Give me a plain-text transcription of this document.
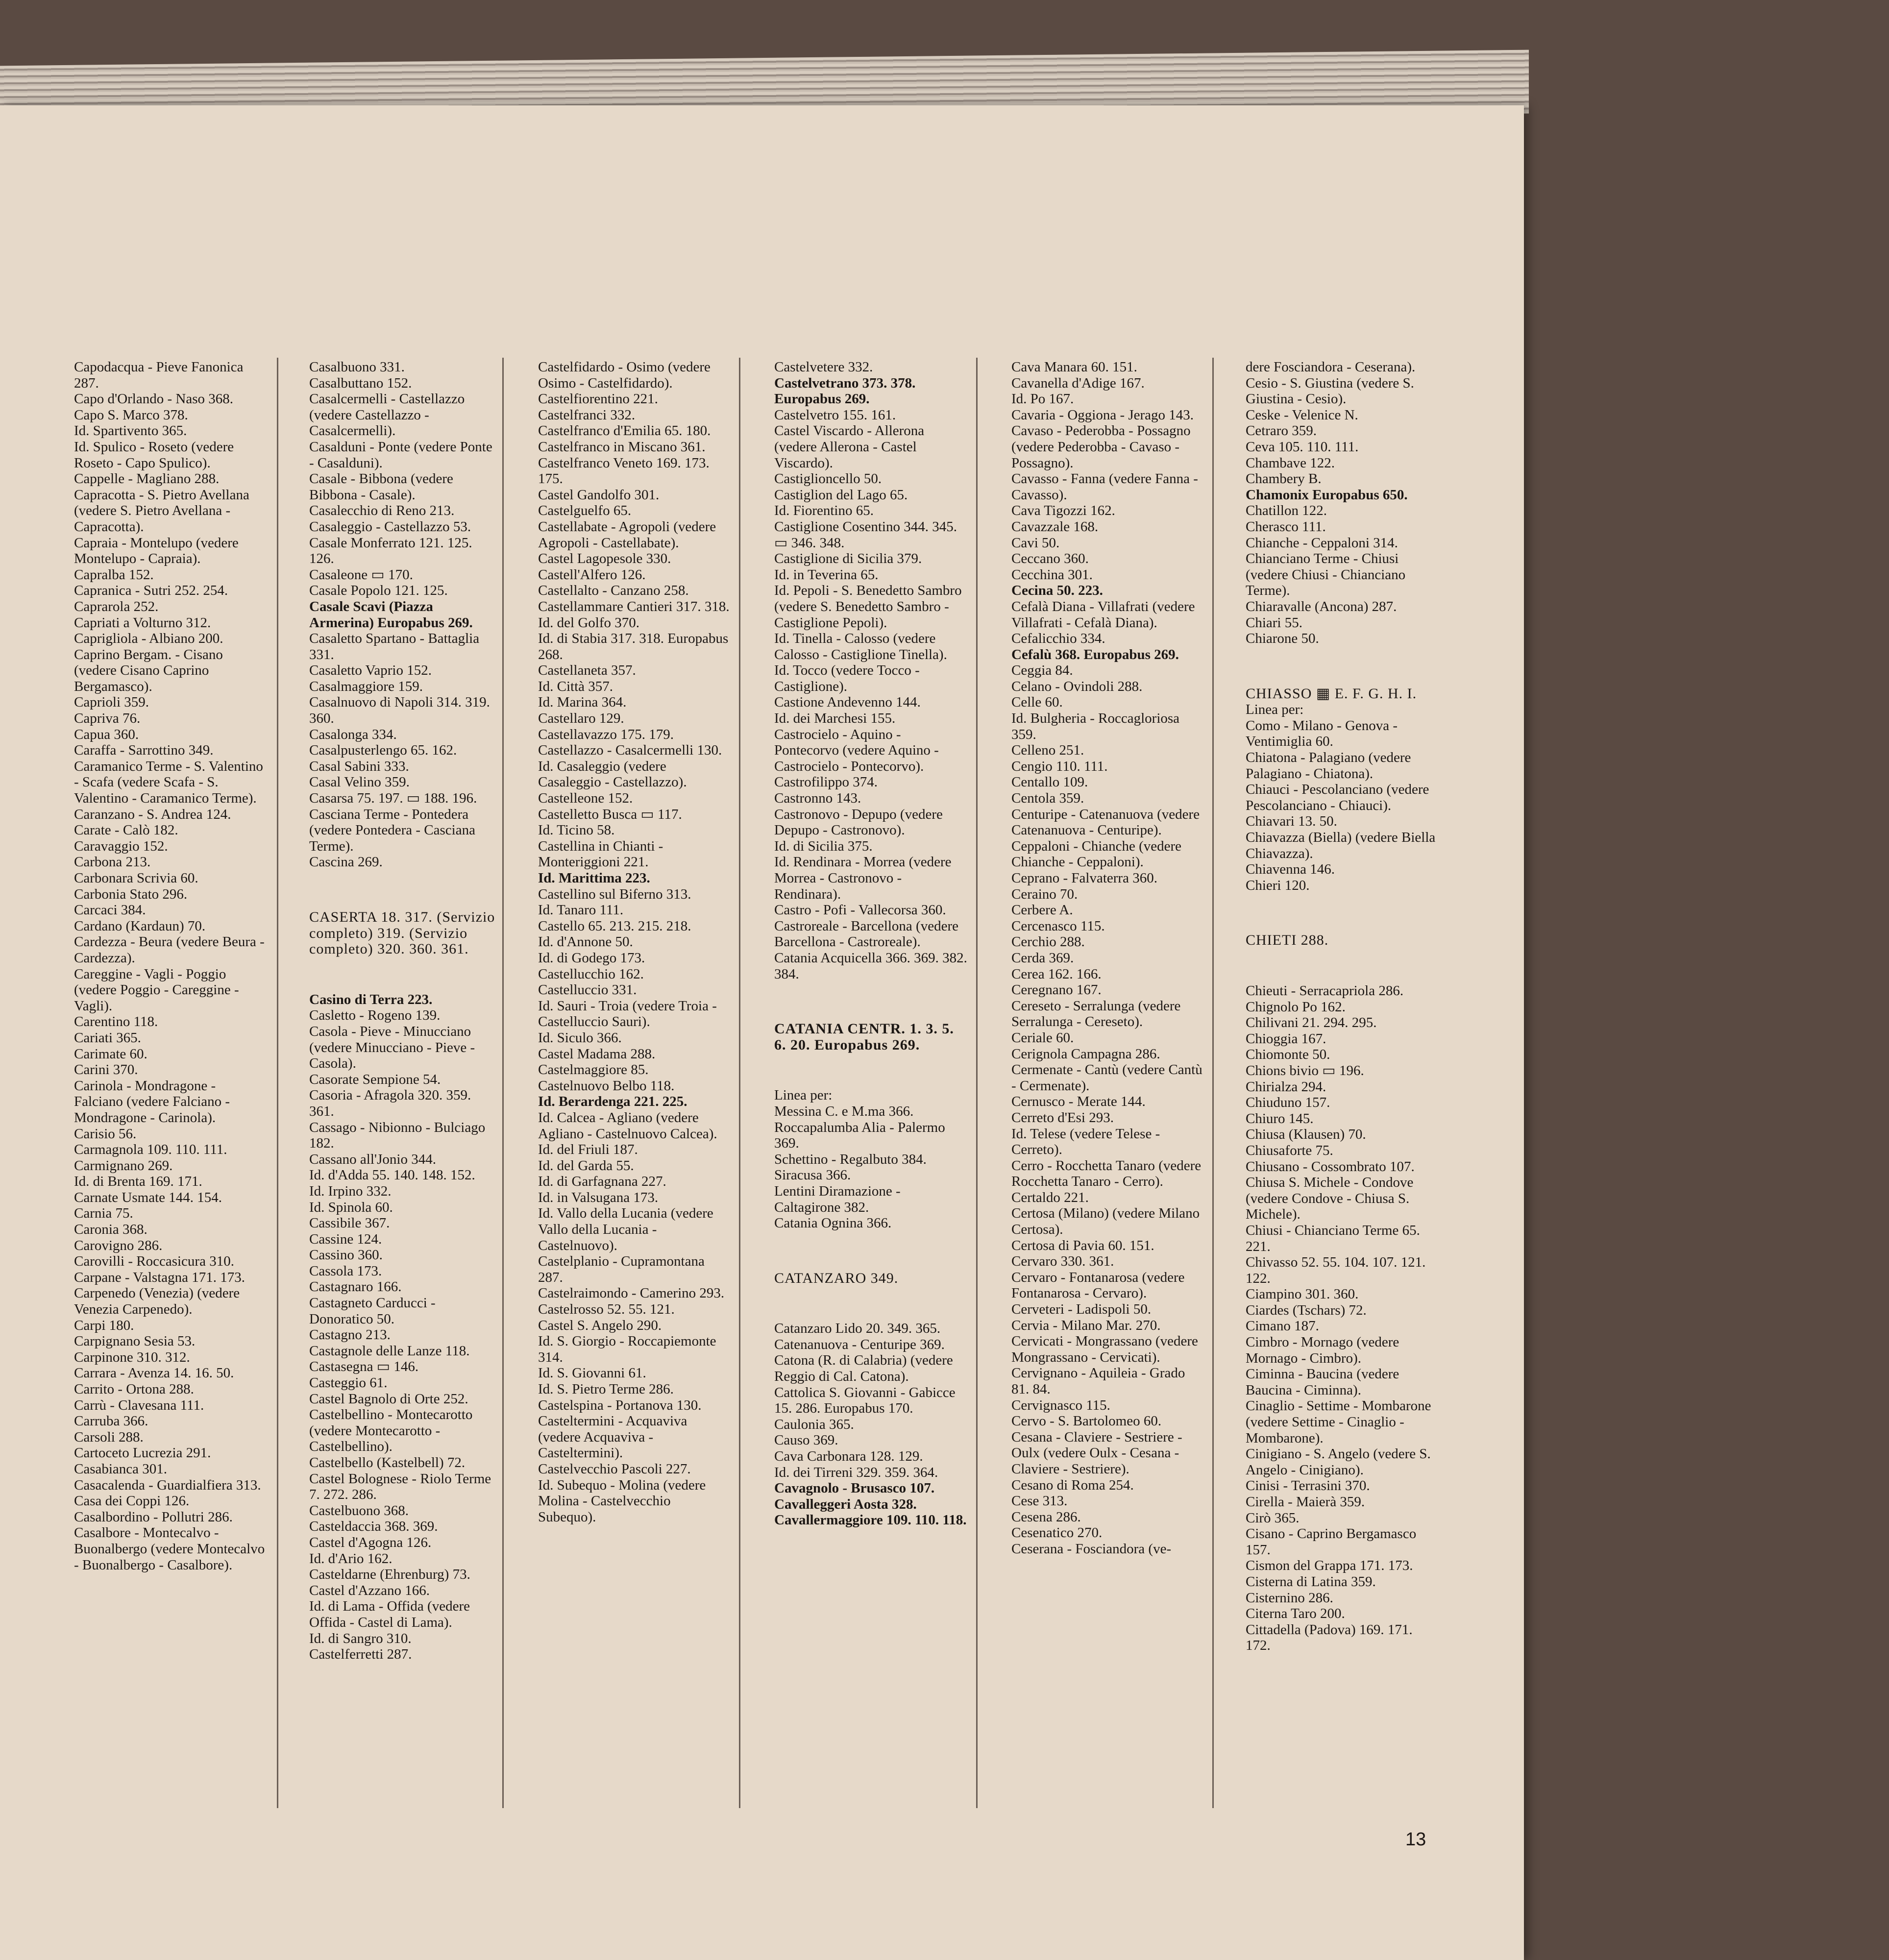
Capodacqua - Pieve Fanonica 287.
Capo d'Orlando - Naso 368.
Capo S. Marco 378.
Id. Spartivento 365.
Id. Spulico - Roseto (vedere Roseto - Capo Spulico).
Cappelle - Magliano 288.
Capracotta - S. Pietro Avellana (vedere S. Pietro Avellana - Capracotta).
Capraia - Montelupo (vedere Montelupo - Capraia).
Capralba 152.
Capranica - Sutri 252. 254.
Caprarola 252.
Capriati a Volturno 312.
Caprigliola - Albiano 200.
Caprino Bergam. - Cisano (vedere Cisano Caprino Bergamasco).
Caprioli 359.
Capriva 76.
Capua 360.
Caraffa - Sarrottino 349.
Caramanico Terme - S. Valentino - Scafa (vedere Scafa - S. Valentino - Caramanico Terme).
Caranzano - S. Andrea 124.
Carate - Calò 182.
Caravaggio 152.
Carbona 213.
Carbonara Scrivia 60.
Carbonia Stato 296.
Carcaci 384.
Cardano (Kardaun) 70.
Cardezza - Beura (vedere Beura - Cardezza).
Careggine - Vagli - Poggio (vedere Poggio - Careggine - Vagli).
Carentino 118.
Cariati 365.
Carimate 60.
Carini 370.
Carinola - Mondragone - Falciano (vedere Falciano - Mondragone - Carinola).
Carisio 56.
Carmagnola 109. 110. 111.
Carmignano 269.
Id. di Brenta 169. 171.
Carnate Usmate 144. 154.
Carnia 75.
Caronia 368.
Carovigno 286.
Carovilli - Roccasicura 310.
Carpane - Valstagna 171. 173.
Carpenedo (Venezia) (vedere Venezia Carpenedo).
Carpi 180.
Carpignano Sesia 53.
Carpinone 310. 312.
Carrara - Avenza 14. 16. 50.
Carrito - Ortona 288.
Carrù - Clavesana 111.
Carruba 366.
Carsoli 288.
Cartoceto Lucrezia 291.
Casabianca 301.
Casacalenda - Guardialfiera 313.
Casa dei Coppi 126.
Casalbordino - Pollutri 286.
Casalbore - Montecalvo - Buonalbergo (vedere Montecalvo - Buonalbergo - Casalbore).
Casalbuono 331.
Casalbuttano 152.
Casalcermelli - Castellazzo (vedere Castellazzo - Casalcermelli).
Casalduni - Ponte (vedere Ponte - Casalduni).
Casale - Bibbona (vedere Bibbona - Casale).
Casalecchio di Reno 213.
Casaleggio - Castellazzo 53.
Casale Monferrato 121. 125. 126.
Casaleone ▭ 170.
Casale Popolo 121. 125.
Casale Scavi (Piazza Armerina) Europabus 269.
Casaletto Spartano - Battaglia 331.
Casaletto Vaprio 152.
Casalmaggiore 159.
Casalnuovo di Napoli 314. 319. 360.
Casalonga 334.
Casalpusterlengo 65. 162.
Casal Sabini 333.
Casal Velino 359.
Casarsa 75. 197. ▭ 188. 196.
Casciana Terme - Pontedera (vedere Pontedera - Casciana Terme).
Cascina 269.
CASERTA 18. 317. (Servizio completo) 319. (Servizio completo) 320. 360. 361.
Casino di Terra 223.
Casletto - Rogeno 139.
Casola - Pieve - Minucciano (vedere Minucciano - Pieve - Casola).
Casorate Sempione 54.
Casoria - Afragola 320. 359. 361.
Cassago - Nibionno - Bulciago 182.
Cassano all'Jonio 344.
Id. d'Adda 55. 140. 148. 152.
Id. Irpino 332.
Id. Spinola 60.
Cassibile 367.
Cassine 124.
Cassino 360.
Cassola 173.
Castagnaro 166.
Castagneto Carducci - Donoratico 50.
Castagno 213.
Castagnole delle Lanze 118.
Castasegna ▭ 146.
Casteggio 61.
Castel Bagnolo di Orte 252.
Castelbellino - Montecarotto (vedere Montecarotto - Castelbellino).
Castelbello (Kastelbell) 72.
Castel Bolognese - Riolo Terme 7. 272. 286.
Castelbuono 368.
Casteldaccia 368. 369.
Castel d'Agogna 126.
Id. d'Ario 162.
Casteldarne (Ehrenburg) 73.
Castel d'Azzano 166.
Id. di Lama - Offida (vedere Offida - Castel di Lama).
Id. di Sangro 310.
Castelferretti 287.
Castelfidardo - Osimo (vedere Osimo - Castelfidardo).
Castelfiorentino 221.
Castelfranci 332.
Castelfranco d'Emilia 65. 180.
Castelfranco in Miscano 361.
Castelfranco Veneto 169. 173. 175.
Castel Gandolfo 301.
Castelguelfo 65.
Castellabate - Agropoli (vedere Agropoli - Castellabate).
Castel Lagopesole 330.
Castell'Alfero 126.
Castellalto - Canzano 258.
Castellammare Cantieri 317. 318.
Id. del Golfo 370.
Id. di Stabia 317. 318. Europabus 268.
Castellaneta 357.
Id. Città 357.
Id. Marina 364.
Castellaro 129.
Castellavazzo 175. 179.
Castellazzo - Casalcermelli 130.
Id. Casaleggio (vedere Casaleggio - Castellazzo).
Castelleone 152.
Castelletto Busca ▭ 117.
Id. Ticino 58.
Castellina in Chianti - Monteriggioni 221.
Id. Marittima 223.
Castellino sul Biferno 313.
Id. Tanaro 111.
Castello 65. 213. 215. 218.
Id. d'Annone 50.
Id. di Godego 173.
Castellucchio 162.
Castelluccio 331.
Id. Sauri - Troia (vedere Troia - Castelluccio Sauri).
Id. Siculo 366.
Castel Madama 288.
Castelmaggiore 85.
Castelnuovo Belbo 118.
Id. Berardenga 221. 225.
Id. Calcea - Agliano (vedere Agliano - Castelnuovo Calcea).
Id. del Friuli 187.
Id. del Garda 55.
Id. di Garfagnana 227.
Id. in Valsugana 173.
Id. Vallo della Lucania (vedere Vallo della Lucania - Castelnuovo).
Castelplanio - Cupramontana 287.
Castelraimondo - Camerino 293.
Castelrosso 52. 55. 121.
Castel S. Angelo 290.
Id. S. Giorgio - Roccapiemonte 314.
Id. S. Giovanni 61.
Id. S. Pietro Terme 286.
Castelspina - Portanova 130.
Casteltermini - Acquaviva (vedere Acquaviva - Casteltermini).
Castelvecchio Pascoli 227.
Id. Subequo - Molina (vedere Molina - Castelvecchio Subequo).
Castelvetere 332.
Castelvetrano 373. 378. Europabus 269.
Castelvetro 155. 161.
Castel Viscardo - Allerona (vedere Allerona - Castel Viscardo).
Castiglioncello 50.
Castiglion del Lago 65.
Id. Fiorentino 65.
Castiglione Cosentino 344. 345. ▭ 346. 348.
Castiglione di Sicilia 379.
Id. in Teverina 65.
Id. Pepoli - S. Benedetto Sambro (vedere S. Benedetto Sambro - Castiglione Pepoli).
Id. Tinella - Calosso (vedere Calosso - Castiglione Tinella).
Id. Tocco (vedere Tocco - Castiglione).
Castione Andevenno 144.
Id. dei Marchesi 155.
Castrocielo - Aquino - Pontecorvo (vedere Aquino - Castrocielo - Pontecorvo).
Castrofilippo 374.
Castronno 143.
Castronovo - Depupo (vedere Depupo - Castronovo).
Id. di Sicilia 375.
Id. Rendinara - Morrea (vedere Morrea - Castronovo - Rendinara).
Castro - Pofi - Vallecorsa 360.
Castroreale - Barcellona (vedere Barcellona - Castroreale).
Catania Acquicella 366. 369. 382. 384.
CATANIA CENTR. 1. 3. 5. 6. 20. Europabus 269.
Linea per:
Messina C. e M.ma 366.
Roccapalumba Alia - Palermo 369.
Schettino - Regalbuto 384.
Siracusa 366.
Lentini Diramazione - Caltagirone 382.
Catania Ognina 366.
CATANZARO 349.
Catanzaro Lido 20. 349. 365.
Catenanuova - Centuripe 369.
Catona (R. di Calabria) (vedere Reggio di Cal. Catona).
Cattolica S. Giovanni - Gabicce 15. 286. Europabus 170.
Caulonia 365.
Causo 369.
Cava Carbonara 128. 129.
Id. dei Tirreni 329. 359. 364.
Cavagnolo - Brusasco 107.
Cavalleggeri Aosta 328.
Cavallermaggiore 109. 110. 118.
Cava Manara 60. 151.
Cavanella d'Adige 167.
Id. Po 167.
Cavaria - Oggiona - Jerago 143.
Cavaso - Pederobba - Possagno (vedere Pederobba - Cavaso - Possagno).
Cavasso - Fanna (vedere Fanna - Cavasso).
Cava Tigozzi 162.
Cavazzale 168.
Cavi 50.
Ceccano 360.
Cecchina 301.
Cecina 50. 223.
Cefalà Diana - Villafrati (vedere Villafrati - Cefalà Diana).
Cefalicchio 334.
Cefalù 368. Europabus 269.
Ceggia 84.
Celano - Ovindoli 288.
Celle 60.
Id. Bulgheria - Roccagloriosa 359.
Celleno 251.
Cengio 110. 111.
Centallo 109.
Centola 359.
Centuripe - Catenanuova (vedere Catenanuova - Centuripe).
Ceppaloni - Chianche (vedere Chianche - Ceppaloni).
Ceprano - Falvaterra 360.
Ceraino 70.
Cerbere A.
Cercenasco 115.
Cerchio 288.
Cerda 369.
Cerea 162. 166.
Ceregnano 167.
Cereseto - Serralunga (vedere Serralunga - Cereseto).
Ceriale 60.
Cerignola Campagna 286.
Cermenate - Cantù (vedere Cantù - Cermenate).
Cernusco - Merate 144.
Cerreto d'Esi 293.
Id. Telese (vedere Telese - Cerreto).
Cerro - Rocchetta Tanaro (vedere Rocchetta Tanaro - Cerro).
Certaldo 221.
Certosa (Milano) (vedere Milano Certosa).
Certosa di Pavia 60. 151.
Cervaro 330. 361.
Cervaro - Fontanarosa (vedere Fontanarosa - Cervaro).
Cerveteri - Ladispoli 50.
Cervia - Milano Mar. 270.
Cervicati - Mongrassano (vedere Mongrassano - Cervicati).
Cervignano - Aquileia - Grado 81. 84.
Cervignasco 115.
Cervo - S. Bartolomeo 60.
Cesana - Claviere - Sestriere - Oulx (vedere Oulx - Cesana - Claviere - Sestriere).
Cesano di Roma 254.
Cese 313.
Cesena 286.
Cesenatico 270.
Ceserana - Fosciandora (ve-
dere Fosciandora - Ceserana).
Cesio - S. Giustina (vedere S. Giustina - Cesio).
Ceske - Velenice N.
Cetraro 359.
Ceva 105. 110. 111.
Chambave 122.
Chambery B.
Chamonix Europabus 650.
Chatillon 122.
Cherasco 111.
Chianche - Ceppaloni 314.
Chianciano Terme - Chiusi (vedere Chiusi - Chianciano Terme).
Chiaravalle (Ancona) 287.
Chiari 55.
Chiarone 50.
CHIASSO ▦ E. F. G. H. I.
Linea per:
Como - Milano - Genova - Ventimiglia 60.
Chiatona - Palagiano (vedere Palagiano - Chiatona).
Chiauci - Pescolanciano (vedere Pescolanciano - Chiauci).
Chiavari 13. 50.
Chiavazza (Biella) (vedere Biella Chiavazza).
Chiavenna 146.
Chieri 120.
CHIETI 288.
Chieuti - Serracapriola 286.
Chignolo Po 162.
Chilivani 21. 294. 295.
Chioggia 167.
Chiomonte 50.
Chions bivio ▭ 196.
Chirialza 294.
Chiuduno 157.
Chiuro 145.
Chiusa (Klausen) 70.
Chiusaforte 75.
Chiusano - Cossombrato 107.
Chiusa S. Michele - Condove (vedere Condove - Chiusa S. Michele).
Chiusi - Chianciano Terme 65. 221.
Chivasso 52. 55. 104. 107. 121. 122.
Ciampino 301. 360.
Ciardes (Tschars) 72.
Cimano 187.
Cimbro - Mornago (vedere Mornago - Cimbro).
Ciminna - Baucina (vedere Baucina - Ciminna).
Cinaglio - Settime - Mombarone (vedere Settime - Cinaglio - Mombarone).
Cinigiano - S. Angelo (vedere S. Angelo - Cinigiano).
Cinisi - Terrasini 370.
Cirella - Maierà 359.
Cirò 365.
Cisano - Caprino Bergamasco 157.
Cismon del Grappa 171. 173.
Cisterna di Latina 359.
Cisternino 286.
Citerna Taro 200.
Cittadella (Padova) 169. 171. 172.
13
